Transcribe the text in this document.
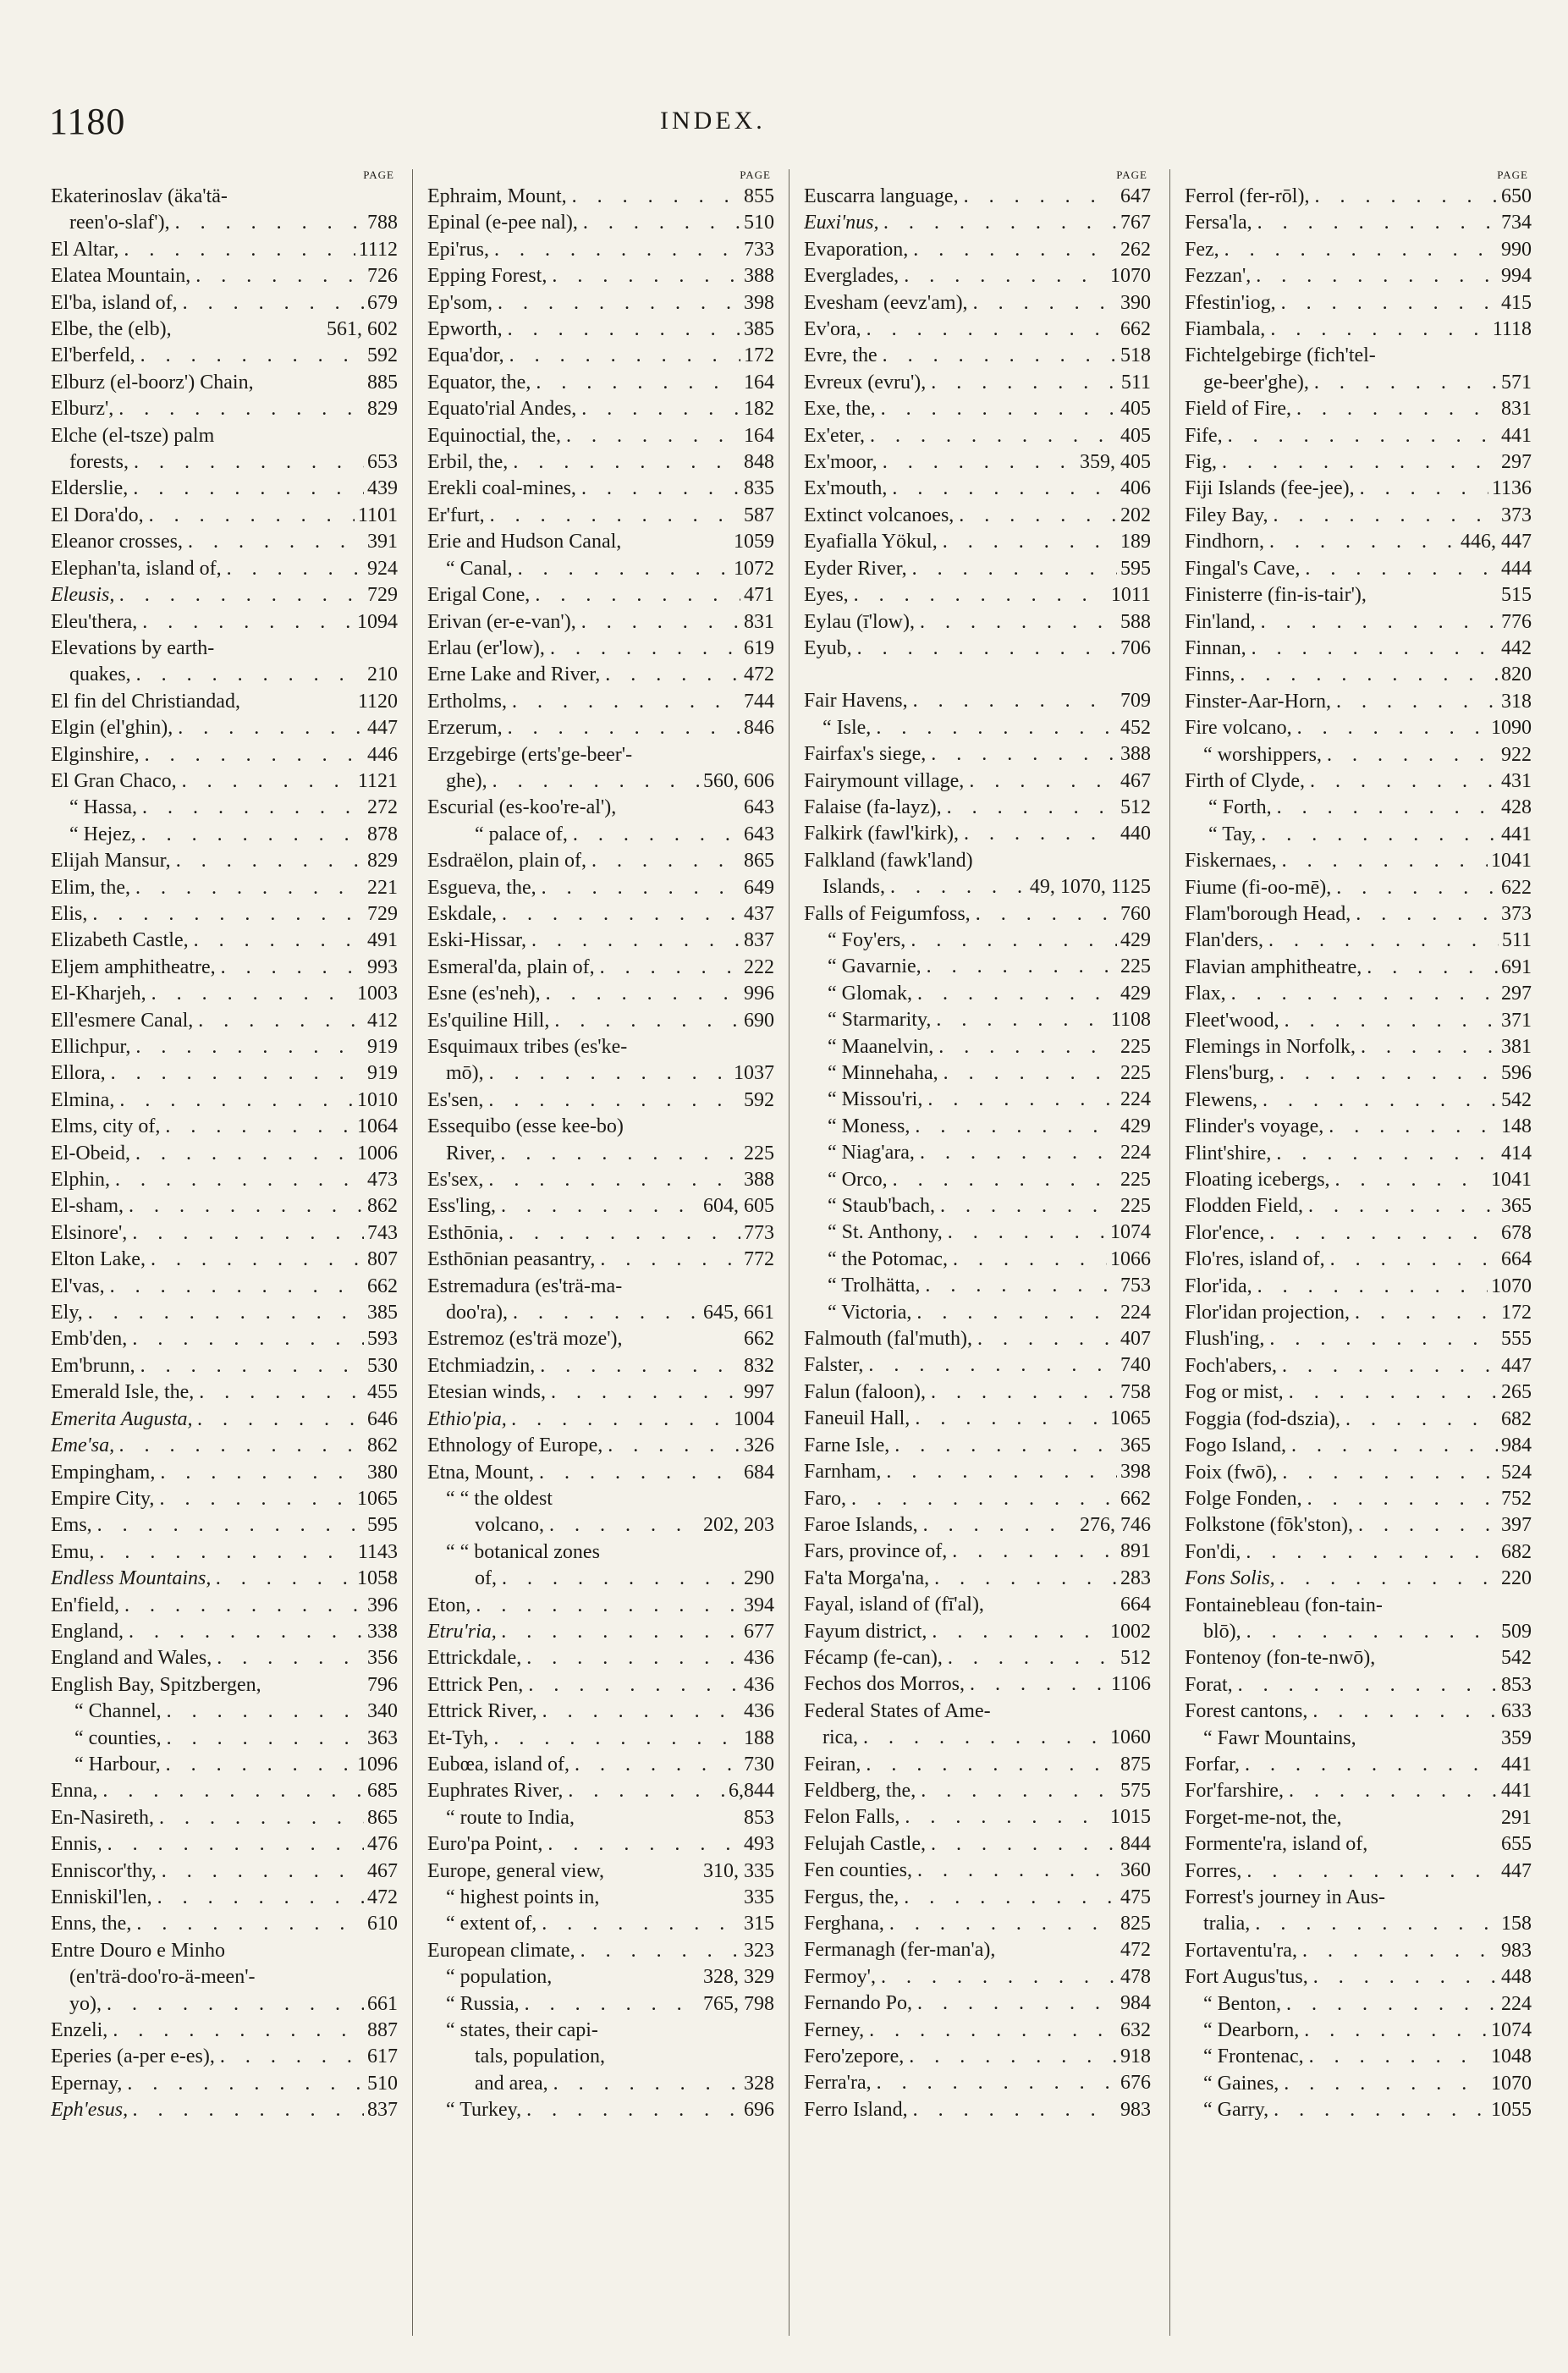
1180	INDEX.
PAGE
Ekaterinoslav (äka'tä-
reen'o-slaf'), .	788
El Altar, .	1112
Elatea Mountain, .	726
El'ba, island of, .	679
Elbe, the (elb),	561, 602
El'berfeld, .	592
Elburz (el-boorz') Chain,	885
Elburz', .	829
Elche (el-tsze) palm
forests, .	653
Elderslie, .	439
El Dora'do, .	1101
Eleanor crosses, .	391
Elephan'ta, island of, .	924
Eleusis, .	729
Eleu'thera, .	1094
Elevations by earth-
quakes, .	210
El fin del Christiandad,	1120
Elgin (el'ghin), .	447
Elginshire, .	446
El Gran Chaco, .	1121
“ Hassa, .	272
“ Hejez, .	878
Elijah Mansur, .	829
Elim, the, .	221
Elis, .	729
Elizabeth Castle, .	491
Eljem amphitheatre, .	993
El-Kharjeh, .	1003
Ell'esmere Canal, .	412
Ellichpur, .	919
Ellora, .	919
Elmina, .	1010
Elms, city of, .	1064
El-Obeid, .	1006
Elphin, .	473
El-sham, .	862
Elsinore', .	743
Elton Lake, .	807
El'vas, .	662
Ely, .	385
Emb'den, .	593
Em'brunn, .	530
Emerald Isle, the, .	455
Emerita Augusta, .	646
Eme'sa, .	862
Empingham, .	380
Empire City, .	1065
Ems, .	595
Emu, .	1143
Endless Mountains, .	1058
En'field, .	396
England, .	338
England and Wales, .	356
English Bay, Spitzbergen,	796
“ Channel, .	340
“ counties, .	363
“ Harbour, .	1096
Enna, .	685
En-Nasireth, .	865
Ennis, .	476
Enniscor'thy, .	467
Enniskil'len, .	472
Enns, the, .	610
Entre Douro e Minho
(en'trä-doo'ro-ä-meen'-
yo), .	661
Enzeli, .	887
Eperies (a-per e-es), .	617
Epernay, .	510
Eph'esus, .	837
PAGE
Ephraim, Mount, .	855
Epinal (e-pee nal), .	510
Epi'rus, .	733
Epping Forest, .	388
Ep'som, .	398
Epworth, .	385
Equa'dor, .	172
Equator, the, .	164
Equato'rial Andes, .	182
Equinoctial, the, .	164
Erbil, the, .	848
Erekli coal-mines, .	835
Er'furt, .	587
Erie and Hudson Canal,	1059
“ Canal, .	1072
Erigal Cone, .	471
Erivan (er-e-van'), .	831
Erlau (er'low), .	619
Erne Lake and River, .	472
Ertholms, .	744
Erzerum, .	846
Erzgebirge (erts'ge-beer'-
ghe), .	560, 606
Escurial (es-koo're-al'),	643
“ palace of, .	643
Esdraëlon, plain of, .	865
Esgueva, the, .	649
Eskdale, .	437
Eski-Hissar, .	837
Esmeral'da, plain of, .	222
Esne (es'neh), .	996
Es'quiline Hill, .	690
Esquimaux tribes (es'ke-
mō), .	1037
Es'sen, .	592
Essequibo (esse kee-bo)
River, .	225
Es'sex, .	388
Ess'ling, .	604, 605
Esthōnia, .	773
Esthōnian peasantry, .	772
Estremadura (es'trä-ma-
doo'ra), .	645, 661
Estremoz (es'trä moze'),	662
Etchmiadzin, .	832
Etesian winds, .	997
Ethio'pia, .	1004
Ethnology of Europe, .	326
Etna, Mount, .	684
“ “ the oldest
volcano, .	202, 203
“ “ botanical zones
of, .	290
Eton, .	394
Etru'ria, .	677
Ettrickdale, .	436
Ettrick Pen, .	436
Ettrick River, .	436
Et-Tyh, .	188
Eubœa, island of, .	730
Euphrates River, .	6,844
“ route to India,	853
Euro'pa Point, .	493
Europe, general view,	310, 335
“ highest points in,	335
“ extent of, .	315
European climate, .	323
“ population,	328, 329
“ Russia, .	765, 798
“ states, their capi-
tals, population,
and area, .	328
“ Turkey, .	696
PAGE
Euscarra language, .	647
Euxi'nus, .	767
Evaporation, .	262
Everglades, .	1070
Evesham (eevz'am), .	390
Ev'ora, .	662
Evre, the .	518
Evreux (evru'), .	511
Exe, the, .	405
Ex'eter, .	405
Ex'moor, .	359, 405
Ex'mouth, .	406
Extinct volcanoes, .	202
Eyafialla Yökul, .	189
Eyder River, .	595
Eyes, .	1011
Eylau (ī'low), .	588
Eyub, .	706
Fair Havens, .	709
“ Isle, .	452
Fairfax's siege, .	388
Fairymount village, .	467
Falaise (fa-layz), .	512
Falkirk (fawl'kirk), .	440
Falkland (fawk'land)
Islands, .	49, 1070, 1125
Falls of Feigumfoss, .	760
“ Foy'ers, .	429
“ Gavarnie, .	225
“ Glomak, .	429
“ Starmarity, .	1108
“ Maanelvin, .	225
“ Minnehaha, .	225
“ Missou'ri, .	224
“ Moness, .	429
“ Niag'ara, .	224
“ Orco, .	225
“ Staub'bach, .	225
“ St. Anthony, .	1074
“ the Potomac, .	1066
“ Trolhätta, .	753
“ Victoria, .	224
Falmouth (fal'muth), .	407
Falster, .	740
Falun (faloon), .	758
Faneuil Hall, .	1065
Farne Isle, .	365
Farnham, .	398
Faro, .	662
Faroe Islands, .	276, 746
Fars, province of, .	891
Fa'ta Morga'na, .	283
Fayal, island of (fī'al),	664
Fayum district, .	1002
Fécamp (fe-can), .	512
Fechos dos Morros, .	1106
Federal States of Ame-
rica, .	1060
Feiran, .	875
Feldberg, the, .	575
Felon Falls, .	1015
Felujah Castle, .	844
Fen counties, .	360
Fergus, the, .	475
Ferghana, .	825
Fermanagh (fer-man'a),	472
Fermoy', .	478
Fernando Po, .	984
Ferney, .	632
Fero'zepore, .	918
Ferra'ra, .	676
Ferro Island, .	983
PAGE
Ferrol (fer-rōl), .	650
Fersa'la, .	734
Fez, .	990
Fezzan', .	994
Ffestin'iog, .	415
Fiambala, .	1118
Fichtelgebirge (fich'tel-
ge-beer'ghe), .	571
Field of Fire, .	831
Fife, .	441
Fig, .	297
Fiji Islands (fee-jee), .	1136
Filey Bay, .	373
Findhorn, .	446, 447
Fingal's Cave, .	444
Finisterre (fin-is-tair'),	515
Fin'land, .	776
Finnan, .	442
Finns, .	820
Finster-Aar-Horn, .	318
Fire volcano, .	1090
“ worshippers, .	922
Firth of Clyde, .	431
“ Forth, .	428
“ Tay, .	441
Fiskernaes, .	1041
Fiume (fi-oo-mē), .	622
Flam'borough Head, .	373
Flan'ders, .	511
Flavian amphitheatre, .	691
Flax, .	297
Fleet'wood, .	371
Flemings in Norfolk, .	381
Flens'burg, .	596
Flewens, .	542
Flinder's voyage, .	148
Flint'shire, .	414
Floating icebergs, .	1041
Flodden Field, .	365
Flor'ence, .	678
Flo'res, island of, .	664
Flor'ida, .	1070
Flor'idan projection, .	172
Flush'ing, .	555
Foch'abers, .	447
Fog or mist, .	265
Foggia (fod-dszia), .	682
Fogo Island, .	984
Foix (fwō), .	524
Folge Fonden, .	752
Folkstone (fōk'ston), .	397
Fon'di, .	682
Fons Solis, .	220
Fontainebleau (fon-tain-
blō), .	509
Fontenoy (fon-te-nwō),	542
Forat, .	853
Forest cantons, .	633
“ Fawr Mountains,	359
Forfar, .	441
For'farshire, .	441
Forget-me-not, the,	291
Formente'ra, island of,	655
Forres, .	447
Forrest's journey in Aus-
tralia, .	158
Fortaventu'ra, .	983
Fort Augus'tus, .	448
“ Benton, .	224
“ Dearborn, .	1074
“ Frontenac, .	1048
“ Gaines, .	1070
“ Garry, .	1055
